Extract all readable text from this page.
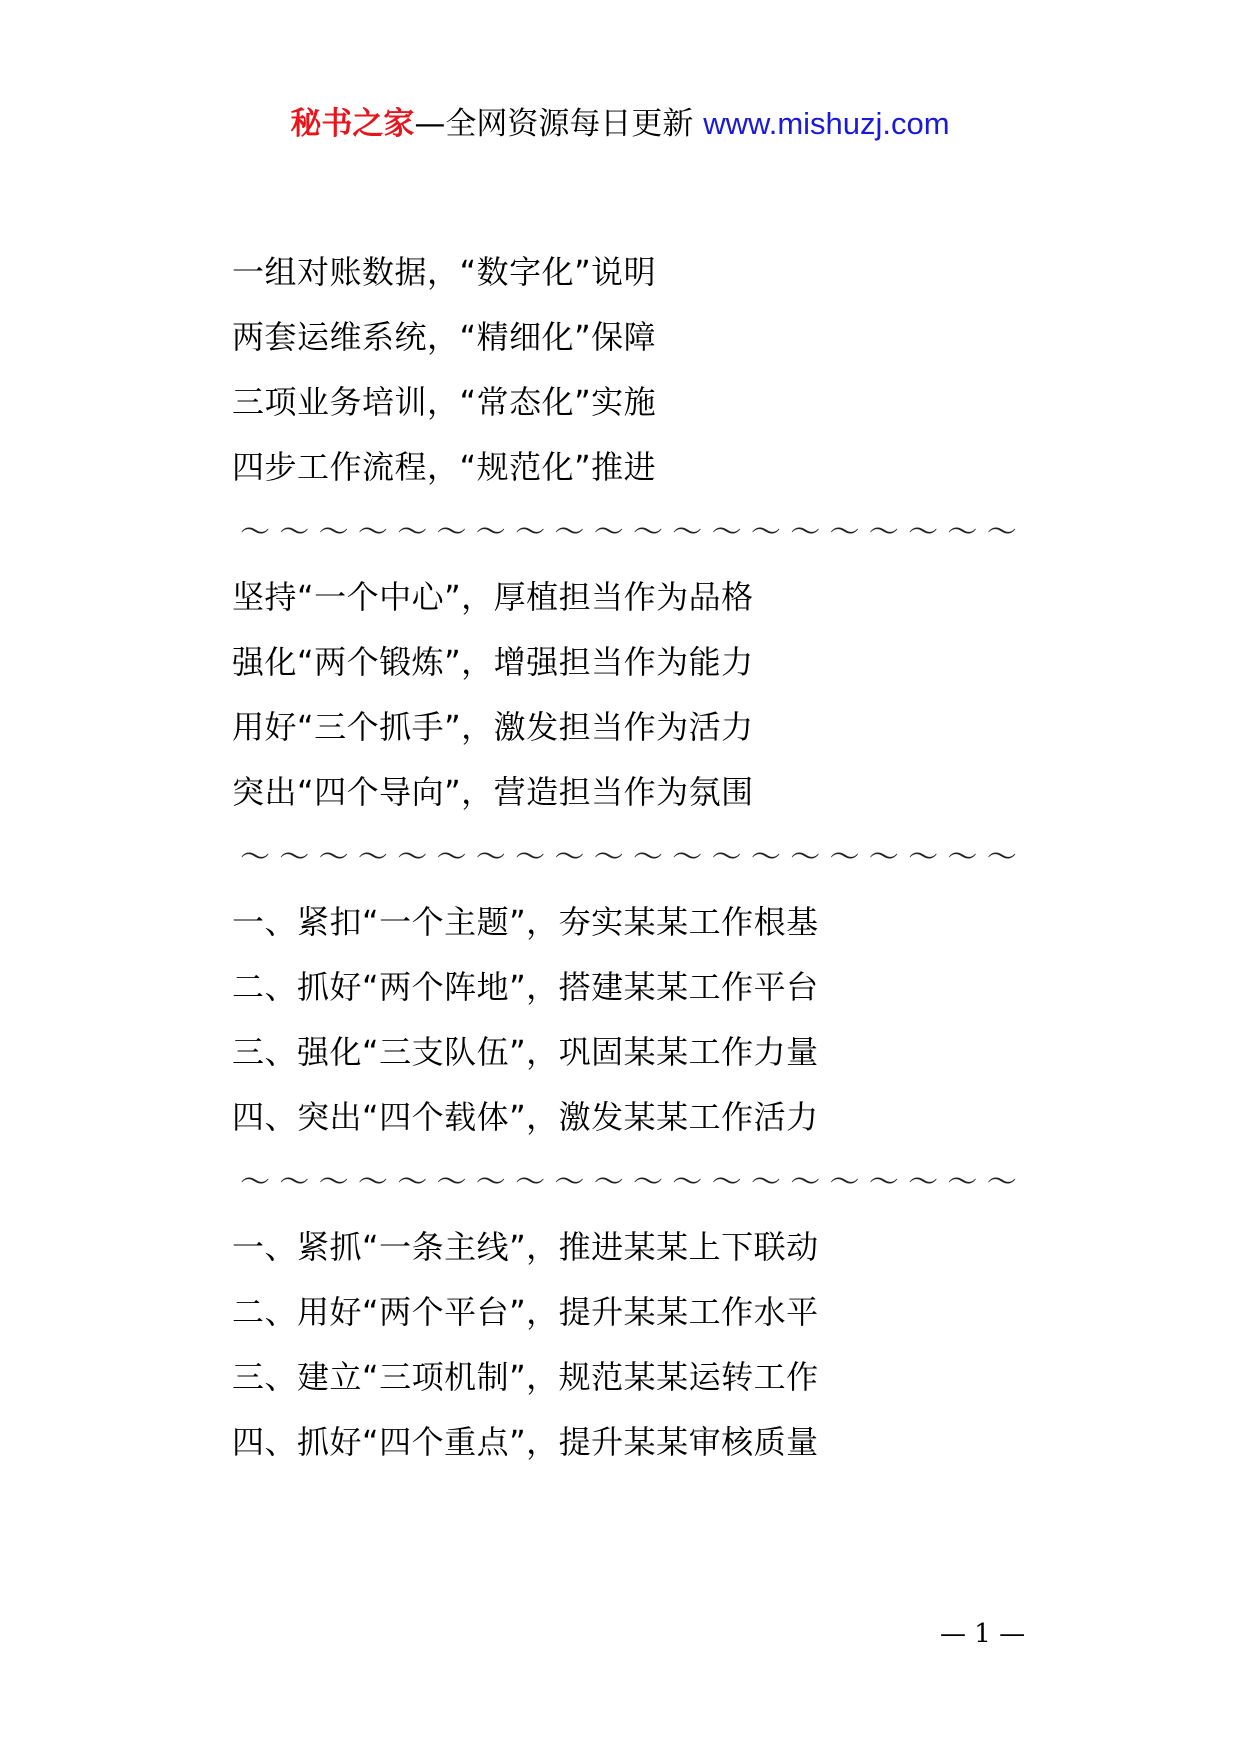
秘书之家—全网资源每日更新 www.mishuzj.com
一组对账数据，“数字化”说明
两套运维系统，“精细化”保障
三项业务培训，“常态化”实施
四步工作流程，“规范化”推进
～～～～～～～～～～～～～～～～～～～～
坚持“一个中心”，厚植担当作为品格
强化“两个锻炼”，增强担当作为能力
用好“三个抓手”，激发担当作为活力
突出“四个导向”，营造担当作为氛围
～～～～～～～～～～～～～～～～～～～～
一、紧扣“一个主题”，夯实某某工作根基
二、抓好“两个阵地”，搭建某某工作平台
三、强化“三支队伍”，巩固某某工作力量
四、突出“四个载体”，激发某某工作活力
～～～～～～～～～～～～～～～～～～～～
一、紧抓“一条主线”，推进某某上下联动
二、用好“两个平台”，提升某某工作水平
三、建立“三项机制”，规范某某运转工作
四、抓好“四个重点”，提升某某审核质量
— 1 —
